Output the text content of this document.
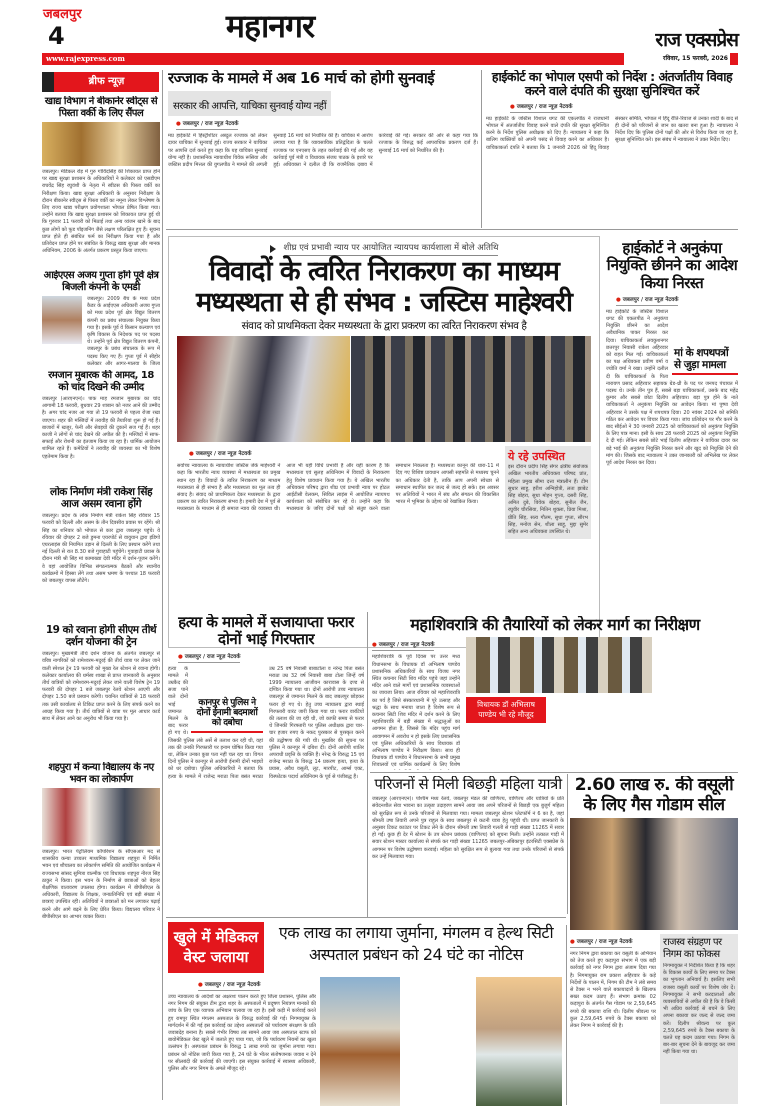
जबलपुर
4	महानगर	राज एक्सप्रेस
www.rajexpress.com	रविवार, 15 फरवरी, 2026
ब्रीफ न्यूज़
खाद्य विभाग ने बीकानेर स्वीट्स से पिस्ता वर्की के लिए सैंपल
जबलपुर। मेडिकल रोड़ में गुरु गोविंदसिंह की शिकायत प्राप्त होने पर खाद्य सुरक्षा प्रशासन के अधिकारियों ने कलेक्टर को एसडीएम राघवेंद्र सिंह रघुवंशी के नेतृत्व में स्वीटस की पिस्ता वर्की का निरीक्षण किया। खाद्य सुरक्षा अधिकारी के अनुसार निरीक्षण के दौरान बीकानेर स्वीट्स से पिस्ता वर्की का नमूना लेकर विश्लेषण के लिए राज्य खाद्य परीक्षण प्रयोगशाला भोपाल प्रेषित किया गया। उन्होंने बताया कि खाद्य सुरक्षा प्रशासन को शिकायत प्राप्त हुई थी कि गुरुवार 11 फरवरी को मिठाई तथा अन्य व्यंजन खाने के बाद कुछ लोगों को फूड पॉइजनिंग जैसे लक्षण परिलक्षित हुए हैं। सूचना प्राप्त होते ही संबंधित फर्म का निरीक्षण किया गया है और प्रतिवेदन प्राप्त होने पर संबंधित के विरुद्ध खाद्य सुरक्षा और मानक अधिनियम, 2006 के अंतर्गत प्रकरण प्रस्तुत किया जाएगा।
आईएएस अजय गुप्ता होंगे पूर्व क्षेत्र बिजली कंपनी के एमडी
जबलपुर। 2009 बैच के मध्य प्रदेश कैडर के आईएएस अधिकारी अजय गुप्ता को मध्य प्रदेश पूर्व क्षेत्र विद्युत वितरण कंपनी का प्रबंध संचालक नियुक्त किया गया है। इसके पूर्व वे किसान कल्याण एवं कृषि विकास के निदेशक पद पर पदस्थ थे। उन्होंने पूर्व क्षेत्र विद्युत वितरण कंपनी, जबलपुर के प्रबंध संचालक के रूप में पदस्थ किए गए हैं। गुप्ता पूर्व में सीहोर कलेक्टर और आगर-मालवा के जिला
रमजान मुबारक की आमद, 18 को चांद दिखने की उम्मीद
जबलपुर (आरएनएन)। पाक माह रमजान मुबारक का चांद आगामी 18 फरवरी, बुधवार 29 शाबान को नजर आने की उम्मीद है। अगर चांद नजर आ गया तो 19 फरवरी से पहला रोजा रखा जाएगा। शहर की मस्जिदों में तरावीह की तैयारियां शुरू हो गई हैं। बाजारों में खजूर, फेनी और सेवइयों की दुकानें सज गई हैं। शहर काजी ने लोगों से चांद देखने की अपील की है। मस्जिदों में साफ-सफाई और रोशनी का इंतजाम किया जा रहा है। धार्मिक आयोजन शामिल रहते हैं। कमेटियों ने तरावीह की व्यवस्था का भी विशेष एहतेमाम किया है।
लोक निर्माण मंत्री राकेश सिंह आज असम रवाना होंगे
जबलपुर। प्रदेश के लोक निर्माण मंत्री राकेश सिंह रविवार 15 फरवरी को दिल्ली और असम के तीन दिवसीय प्रवास पर रहेंगे। श्री सिंह का शनिवार को भोपाल से कार द्वारा जबलपुर पहुंचे। वे रविवार की दोपहर 2 बजे डुमना एयरपोर्ट से वायुयान द्वारा इंडिगो एयरलाइंस की नियमित उड़ान से दिल्ली के लिए प्रस्थान करेंगे तथा नई दिल्ली से रात 8.30 बजे गुवाहाटी पहुंचेंगे। गुवाहाटी प्रवास के दौरान मंत्री श्री सिंह मां कामाख्या देवी मंदिर में दर्शन-पूजन करेंगे। वे वहां आयोजित विभिन्न संगठनात्मक बैठकों और स्थानीय कार्यक्रमों में हिस्सा लेंगे तथा असम भ्रमण के पश्चात 18 फरवरी को जबलपुर वापस लौटेंगे।
19 को रवाना होगी सीएम तीर्थ दर्शन योजना की ट्रेन
जबलपुर। मुख्यमंत्री तीर्थ दर्शन योजना के अंतर्गत जबलपुर से वरिष्ठ नागरिकों को रामेश्वरम-मदुरई की तीर्थ यात्रा पर लेकर जाने वाली स्पेशल ट्रेन 19 फरवरी को मुख्य रेल स्टेशन से रवाना होगी। कलेक्टर कार्यालय की धर्मस्व शाखा से प्राप्त जानकारी के अनुसार तीर्थ यात्रियों को रामेश्वरम-मदुरई लेकर जाने वाली विशेष ट्रेन 19 फरवरी की दोपहर 1 बजे जबलपुर रेलवे स्टेशन आएगी और दोपहर 1.50 बजे प्रस्थान करेगी। चयनित यात्रियों से 18 फरवरी तक उसी कार्यालय से टिकिट प्राप्त करने के लिए संपर्क करने का आग्रह किया गया है। तीर्थ यात्रियों से यात्रा पर मूल आधार कार्ड साथ में लेकर आने का अनुरोध भी किया गया है।
शहपुरा में कन्या विद्यालय के नए भवन का लोकार्पण
जबलपुर। भारत पेट्रोलियम कॉर्पोरेशन के सीएसआर मद से शासकीय कन्या उच्चतर माध्यमिक विद्यालय शहपुरा में निर्मित भवन एवं शौचालय का लोकार्पण समिति की आयोजित कार्यक्रम में राज्यसभा सांसद सुमित्रा वाल्मीक एवं विधायक शहपुरा नीरज सिंह ठाकुर ने किया। इस भवन के निर्माण से छात्राओं को बेहतर शैक्षणिक वातावरण उपलब्ध होगा। कार्यक्रम में बीपीसीएल के अधिकारी, विद्यालय के शिक्षक, जनप्रतिनिधि एवं बड़ी संख्या में छात्राएं उपस्थित रहीं। अतिथियों ने छात्राओं को मन लगाकर पढ़ाई करने और आगे बढ़ने के लिए प्रेरित किया। विद्यालय परिवार ने बीपीसीएल का आभार व्यक्त किया।
रज्जाक के मामले में अब 16 मार्च को होगी सुनवाई
सरकार की आपत्ति, याचिका सुनवाई योग्य नहीं
● जबलपुर / राज न्यूज़ नेटवर्क
मप्र हाईकोर्ट में हिस्ट्रीशीटर अब्दुल रज्जाक को लेकर दायर याचिका में सुनवाई हुई। राज्य सरकार ने याचिका पर आपत्ति दर्ज करते हुए कहा कि यह याचिका सुनवाई योग्य नहीं है। प्रशासनिक न्यायाधीश विवेक रूसिया और जस्टिस प्रदीप मित्तल की युगलपीठ ने मामले की अगली सुनवाई 16 मार्च को निर्धारित की है। याचिका में आरोप लगाया गया है कि व्यावसायिक प्रतिद्वंदिता के चलते रज्जाक पर एनएसए के तहत कार्रवाई की गई और यह कार्रवाई पूर्व मंत्री व विधायक संजय पाठक के इशारे पर हुई। अधिवक्ता ने दलील दी कि राजनैतिक दबाव में कार्रवाई की गई। सरकार की ओर से कहा गया कि रज्जाक के विरुद्ध कई आपराधिक प्रकरण दर्ज हैं। सुनवाई 16 मार्च को निर्धारित की है।
हाईकोर्ट का भोपाल एसपी को निर्देश : अंतर्जातीय विवाह करने वाले दंपति की सुरक्षा सुनिश्चित करें
● जबलपुर / राज न्यूज़ नेटवर्क
मप्र हाईकोर्ट के जस्टिस विशाल धगट की एकलपीठ ने राजधानी भोपाल में अंतर्जातीय विवाह करने वाले दंपति की सुरक्षा सुनिश्चित करने के निर्देश पुलिस अधीक्षक को दिए हैं। न्यायालय ने कहा कि बालिग व्यक्तियों को अपनी पसंद से विवाह करने का अधिकार है। याचिकाकर्ता दंपति ने बताया कि 1 जनवरी 2026 को हिंदू विवाह संस्कार समिति, भोपाल में हिंदू रीति-रिवाज से उनका शादी के बाद से ही दोनों को परिजनों से जान का खतरा बना हुआ है। न्यायालय ने निर्देश दिए कि पुलिस दोनों पक्षों की ओर से विरोध किया जा रहा है, सुरक्षा सुनिश्चित करे। इस संबंध में न्यायालय ने उक्त निर्देश दिए।
शीघ्र एवं प्रभावी न्याय पर आयोजित न्यायपथ कार्यशाला में बोले अतिथि
विवादों के त्वरित निराकरण का माध्यम
मध्यस्थता से ही संभव : जस्टिस माहेश्वरी
संवाद को प्राथमिकता देकर मध्यस्थता के द्वारा प्रकरण का त्वरित निराकरण संभव है
● जबलपुर / राज न्यूज़ नेटवर्क
सर्वोच्च न्यायालय के न्यायाधीश जस्टिस जेके माहेश्वरी ने कहा कि भारतीय न्याय व्यवस्था में मध्यस्थता का प्रमुख स्थान रहा है। विवादों के त्वरित निराकरण का माध्यम मध्यस्थता से ही संभव है और मध्यस्थता का मूल तत्व ही संवाद है। संवाद को प्राथमिकता देकर मध्यस्थता के द्वारा प्रकरण का त्वरित निराकरण संभव है। हमारी देश में पूर्व से मध्यस्थता के माध्यम से ही समाज न्याय की व्यवस्था थी। आज भी यही विधि प्रभावी है और यही कारण है कि मध्यस्थता एवं सुलह अधिनियम में विवादों के निराकरण हेतु विशेष प्रावधान किया गया है। ये अखिल भारतीय अधिवक्ता परिषद द्वारा शीघ्र एवं प्रभावी न्याय पर होटल आईटीसी वेलकम, सिविल लाइंस में आयोजित न्यायपथ कार्यशाला को संबोधित कर रहे थे। उन्होंने कहा कि मध्यस्थता के जरिए दोनों पक्षों को संतुष्ट करने वाला समाधान निकलता है। मध्यस्थता कानून की धारा-11 में दिए गए विशिष्ट प्रावधान आपसी सहमति से मध्यस्थ चुनने का अधिकार देती है, ताकि आप अपनी स्वेच्छा से समाधान स्थापित कर जल्द से जल्द हो सके। इस अवसर पर अतिथियों ने भारत में संघ और संगठन की विकासित भारत में भूमिका के उद्देश्य को रेखांकित किया।
ये रहे उपस्थित
इस दौरान प्रदीप सिंह सेंगर क्षेत्रीय संयोजक अखिल भारतीय अधिवक्ता परिषद प्रांत, महिला प्रमुख सीमा दत्ता मंत्रालीन हैं। टीम सुधार साहू, हरीश अग्निहोत्री, लता झाबेट सिंह बोहरा, सुधा मोहन गुप्ता, दसरी सिंह, अमित दुबे, विवेक बोहरा, सुनील जैन, रघुवीर चौरसिया, नितिन शुक्ला, प्रिया मिश्रा, प्रीति सिंह, सत्य गौतम, सुधा गुप्ता, सौरभ सिंह, मनोज सेन, शीला साहू, मुद्दा सुमेर सहित अन्य अधिवक्ता उपस्थित थे।
हाईकोर्ट ने अनुकंपा नियुक्ति छीनने का आदेश किया निरस्त
● जबलपुर / राज न्यूज़ नेटवर्क
मां के शपथपत्रों से जुड़ा मामला
मप्र हाईकोर्ट के जस्टिस विशाल धगट की एकलपीठ ने अनुकंपा नियुक्ति छीनने का आदेश अवैधानिक पाकर निरस्त कर दिया। याचिकाकर्ता लवकुशनगर छतरपुर निवासी राकेश अहिरवार को राहत मिल गई। याचिकाकर्ता का पक्ष अधिवक्ता प्रवीण वर्मा व ज्योति वर्मा ने रखा। उन्होंने दलील दी कि याचिकाकर्ता के पिता नारायण प्रसाद अहिरवार सहायक ग्रेड-थ्री के पद पर जनपद पंचायत में पदस्थ थे। उनके तीन पुत्र हैं, सबसे बड़ा याचिकाकर्ता, उसके बाद महेंद्र कुमार और सबसे छोटा दिलीप अहिरवार। बड़ा पुत्र होने के नाते याचिकाकर्ता ने अनुकंपा नियुक्ति का आवेदन किया। मां पुष्पा देवी अहिरवार ने उसके पक्ष में शपथपत्र दिया। 20 नवंबर 2024 को समिति गठित कर आवेदन पर विचार किया गया। जांच प्रतिवेदन पर गौर करने के बाद सीईओ ने 30 जनवरी 2025 को याचिकाकर्ता को अनुकंपा नियुक्ति के लिए पात्र माना। इसी के साथ 28 फरवरी 2025 को अनुकंपा नियुक्ति दे दी गई। लेकिन सबसे छोटे भाई दिलीप अहिरवार ने याचिका दायर कर बड़े भाई की अनुकंपा नियुक्ति निरस्त करने और खुद को नियुक्ति देने की मांग की। जिसके बाद न्यायालय ने उक्त जानकारी को अभिलेख पर लेकर पूर्व आदेश निरस्त कर दिया।
हत्या के मामले में सजायाप्ता फरार दोनों भाई गिरफ्तार
● जबलपुर / राज न्यूज़ नेटवर्क
कानपुर से पुलिस ने दोनों ईनामी बदमाशों को दबोचा
हत्या के मामले में उम्रकैद की सजा पाने वाले दोनों भाई जमानत मिलने के बाद फरार हो गए थे। जिसकी पुलिस लंबे अर्से से तलाश कर रही थी, वहां तक की उनकी गिरफ्तारी पर इनाम घोषित किया गया था, लेकिन उनका कुछ पता नहीं चल रहा था। विगत दिनों पुलिस ने कानपुर से आरोपी ईनामी दोनों भाइयों को धर दबोचा। पुलिस अधिकारियों ने बताया कि हत्या के मामले में राजेन्द्र मराठा पिता बसंत मराठा उम्र 25 वर्ष निवासी बाबाटोला व नरेन्द्र पिता बसंत मराठा उम्र 32 वर्ष निवासी बाबा टोला जिन्हें वर्ष 1999 न्यायालय आजीवन कारावास के दण्ड से दण्डित किया गया था। दोनों आरोपी उच्च न्यायालय जबलपुर से जमानत मिलने के बाद जबलपुर छोड़कर फरार हो गए थे। हेतु उच्च न्यायालय द्वारा स्थाई गिरफ्तारी वारंट जारी किया गया था। फरार वारंटियों की तलाश की जा रही थी, जो काफी समय से फरार थे जिनकी गिरफ्तारी पर पुलिस अधीक्षक द्वारा चार-चार हजार रुपए के नकद पुरस्कार से पुरस्कृत करने की उद्घोषणा की गयी थी। मुखबिर की सूचना पर पुलिस ने कानपुर में दबिश दी। दोनों आरोपी शातिर अपराधी प्रवृत्ति के व्यक्ति हैं। नरेन्द्र के विरुद्ध 15 एवं राजेन्द्र मराठा के विरुद्ध 14 प्रकरण हत्या, हत्या के प्रयास, अवैध वसूली, लूट, मारपीट, आर्म्स एक्ट, विस्फोटक पदार्थ अधिनियम के पूर्व से पंजीबद्ध हैं।
महाशिवरात्रि की तैयारियों को लेकर मार्ग का निरीक्षण
● जबलपुर / राज न्यूज़ नेटवर्क
महाशिवरात्रि के पूर्व दिवस पर उत्तर मध्य विधानसभा के विधायक डॉ अभिलाष पाण्डेय प्रशासनिक अधिकारियों के साथ विजय नगर स्थित कचनार सिटी शिव मंदिर पहुंचे जहां उन्होंने मंदिर आने वाले मार्गों एवं प्रशासनिक व्यवस्थाओं का जायजा लिया। आज रविवार को महाशिवरात्रि का पर्व है जिसे संस्कारधानी में पूरे उत्साह और श्रद्धा के साथ मनाया जाता है विशेष रूप से कचनार सिटी शिव मंदिर में दर्शन करने के लिए महाशिवरात्रि में बड़ी संख्या में श्रद्धालुओं का आगमन होता है, जिससे कि मंदिर पहुंच मार्ग आवागमन में अवरोध न हो इसके लिए प्रशासनिक एवं पुलिस अधिकारियों के साथ विधायक डॉ अभिलाष पाण्डेय ने निरीक्षण किया। साथ ही विधायक डॉ पाण्डेय ने विधानसभा के सभी प्रमुख शिवालयों एवं धार्मिक कार्यक्रमों के लिए विशेष
विधायक डॉ अभिलाष पाण्डेय भी रहे मौजूद
परिजनों से मिली बिछड़ी महिला यात्री
जबलपुर (आरएनएन)। पश्चिम मध्य रेलवे, जबलपुर मंडल की वाणिज्य, वाणिज्य और यात्रियों के प्रति संवेदनशील सेवा भावना का उत्कृष्ट उदाहरण सामने आया जब अपने परिजनों से बिछड़ी एक बुजुर्ग महिला को सुरक्षित रूप से उनके परिजनों से मिलवाया गया। मामला जबलपुर स्टेशन प्लेटफॉर्म नं 6 का है, जहां श्रीमती उषा तिवारी अपने पुत्र राहुल के साथ जबलपुर से कटनी यात्रा हेतु पहुंची थीं। प्राप्त जानकारी के अनुसार टिकट काउंटर पर टिकट लेने के दौरान श्रीमती उषा तिवारी गलती से गाड़ी संख्या 11265 में सवार हो गईं। कुछ ही देर में स्टेशन के उप स्टेशन प्रबंधक (वाणिज्य) को सूचना मिली। उन्होंने तत्काल गाड़ी में सवार स्टेशन मास्टर कार्यालय से संपर्क कर गाड़ी संख्या 11265 जबलपुर-अंबिकापुर इंटरसिटी एक्सप्रेस के आगमन पर विशेष उद्घोषणा करवाई। महिला को सुरक्षित रूप से बुलाया गया तथा उनके परिजनों से संपर्क कर उन्हें मिलवाया गया।
2.60 लाख रु. की वसूली के लिए गैस गोडाम सील
खुले में मेडिकल वेस्ट जलाया
एक लाख का लगाया जुर्माना, मंगलम व हेल्थ सिटी अस्पताल प्रबंधन को 24 घंटे का नोटिस
● जबलपुर / राज न्यूज़ नेटवर्क
उच्च न्यायालय के आदेशों का अक्षरशः पालन करते हुए जिला प्रशासन, पुलिस और नगर निगम की संयुक्त टीम द्वारा शहर के अस्पतालों में प्रदूषण नियंत्रण मानकों की जांच के लिए एक व्यापक अभियान चलाया जा रहा है। इसी कड़ी में कार्रवाई करते हुए रामपुर स्थित मंगलम अस्पताल के विरुद्ध कार्रवाई की गई। निगमायुक्त के मार्गदर्शन में की गई इस कार्रवाई का उद्देश्य अस्पतालों को पर्यावरण संरक्षण के प्रति जवाबदेह बनाना है। सबसे गंभीर विषय तब सामने आया जब अस्पताल स्टाफ को बायोमेडिकल वेस्ट खुले में जलाते हुए पाया गया, जो कि पर्यावरण नियमों का खुला उल्लंघन है। अस्पताल प्रबंधन के विरुद्ध 1 लाख रुपये का जुर्माना लगाया गया। प्रबंधन को नोटिस जारी किया गया है, 24 घंटे के भीतर संतोषजनक जवाब न देने पर सीलबंदी की कार्रवाई की जाएगी। इस संयुक्त कार्रवाई में स्वास्थ्य अधिकारी, पुलिस और नगर निगम के अमले मौजूद रहे।
● जबलपुर / राज न्यूज़ नेटवर्क
नगर निगम द्वारा बकाया कर वसूली के अभियान को तेज करते हुए कड़ापुरा संभाग में एक बड़ी कार्रवाई को नगर निगम द्वारा अंजाम दिया गया है। निगमायुक्त राम प्रकाश अहिरवार के कड़े निर्देशों के पालन में, निगम की टीम ने लंबे समय से टैक्स न भरने वाले बकायादारों के खिलाफ सख्त कदम उठाए हैं। संभाग क्रमांक 02 कड़ापुरा के अंतर्गत गैस गोडाम पर 2,59,645 रुपये की बकाया राशि थी। दिलीप श्रीवल्य पर कुल 2,59,645 रुपये के टैक्स बकाया को लेकर निगम ने कार्रवाई की है।
राजस्व संग्रहण पर निगम का फोकस
निगमायुक्त ने निर्देशित किया है कि शहर के विकास कार्यों के लिए समय पर टैक्स का भुगतान अनिवार्य है। इसलिए सभी राजस्व वसूली कार्यों पर विशेष जोर दें। निगमायुक्त ने सभी करदाताओं और व्यवसायियों से अपील की है कि वे किसी भी अप्रिय कार्रवाई से बचने के लिए अपना बकाया कर जल्द से जल्द जमा करें। दिलीप श्रीवल्य पर कुल 2,59,645 रुपये के टैक्स बकाया के चलते यह कदम उठाया गया। निगम के बार-बार सूचना देने के बावजूद कर जमा नहीं किया गया था।
